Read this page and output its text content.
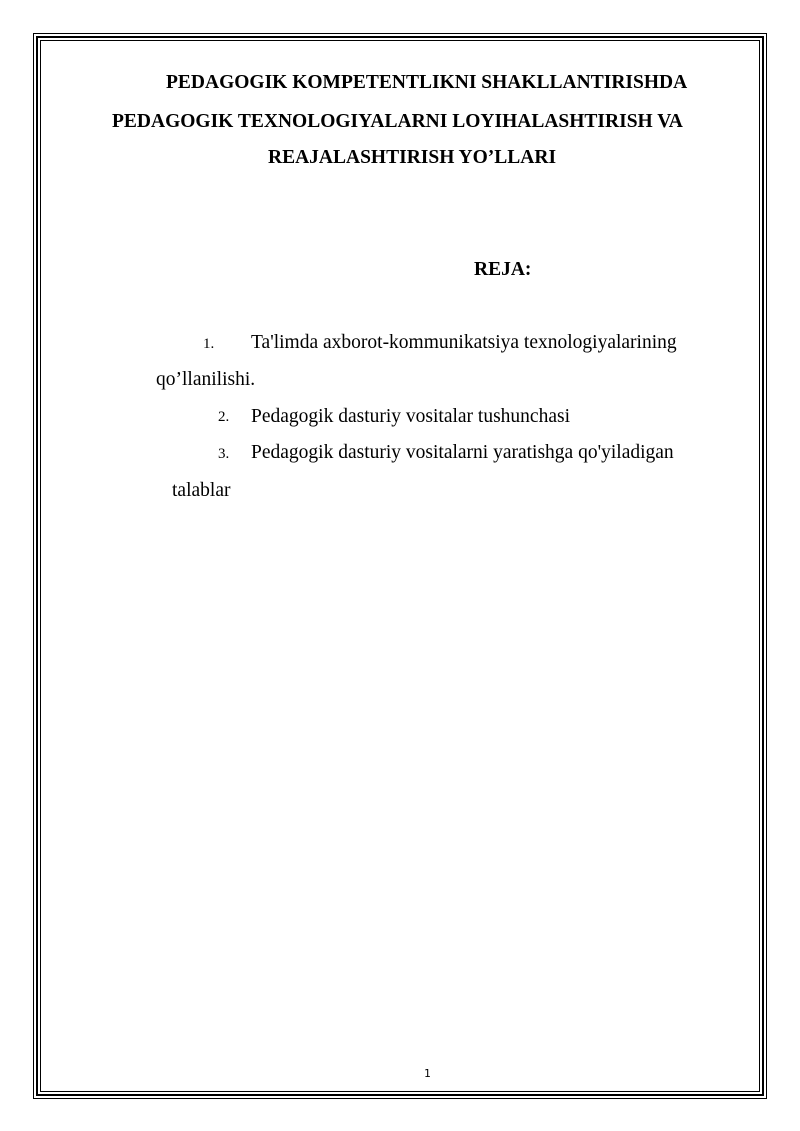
PEDAGOGIK KOMPETENTLIKNI SHAKLLANTIRISHDA
PEDAGOGIK TEXNOLOGIYALARNI LOYIHALASHTIRISH VA
REAJALASHTIRISH YO’LLARI
REJA:
1. Ta'limda axborot-kommunikatsiya texnologiyalarining
qo’llanilishi.
2. Pedagogik dasturiy vositalar tushunchasi
3. Pedagogik dasturiy vositalarni yaratishga qo'yiladigan
talablar
1
